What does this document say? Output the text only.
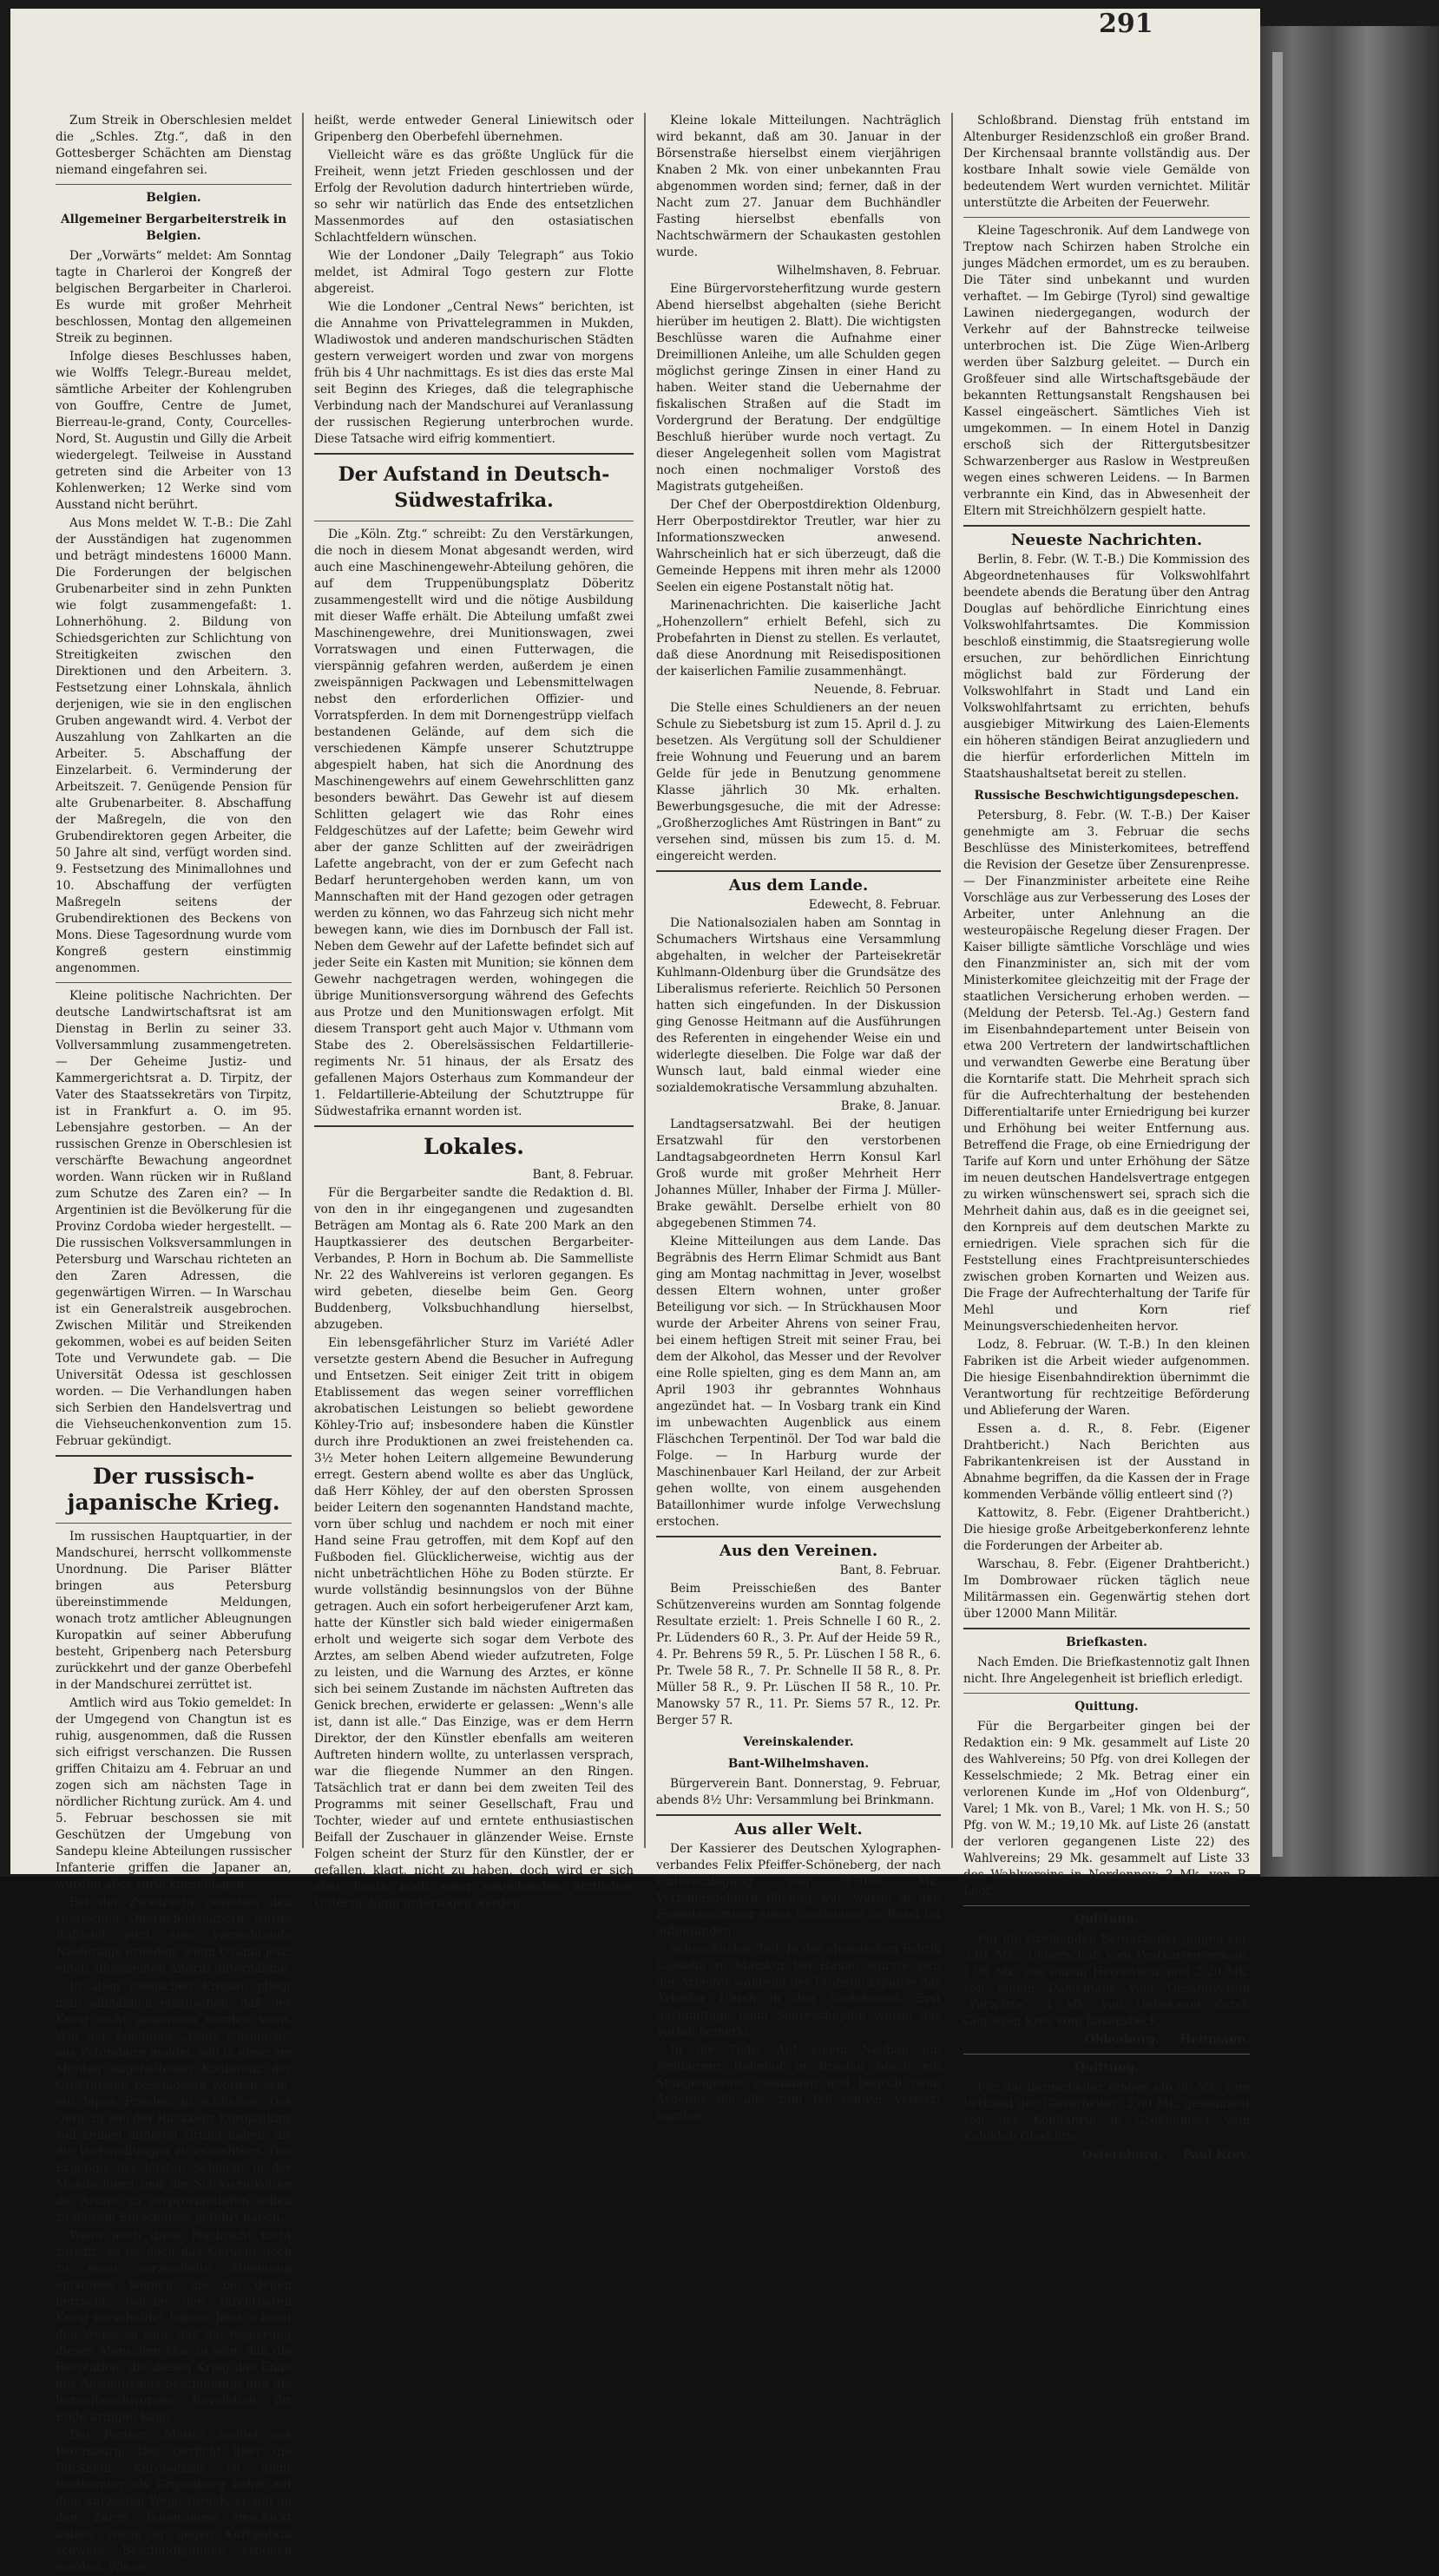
291

Zum Streik in Oberschlesien meldet die „Schles. Ztg.“, daß in den Gottesberger Schächten am Dienstag niemand eingefahren sei.

Belgien.
Allgemeiner Bergarbeiterstreik in Belgien.

Der „Vorwärts“ meldet: Am Sonntag tagte in Charleroi der Kongreß der belgischen Bergarbeiter in Charleroi. Es wurde mit großer Mehrheit beschlossen, Montag den allgemeinen Streik zu beginnen.

Infolge dieses Beschlusses haben, wie Wolffs Telegr.-Bureau meldet, sämtliche Arbeiter der Kohlengruben von Gouffre, Centre de Jumet, Bierreau-le-grand, Conty, Courcelles-Nord, St. Augustin und Gilly die Arbeit wiedergelegt. Teilweise in Ausstand getreten sind die Arbeiter von 13 Kohlenwerken; 12 Werke sind vom Ausstand nicht berührt.

Aus Mons meldet W. T.-B.: Die Zahl der Ausständigen hat zugenommen und beträgt mindestens 16000 Mann. Die Forderungen der belgischen Grubenarbeiter sind in zehn Punkten wie folgt zusammengefaßt: 1. Lohnerhöhung. 2. Bildung von Schiedsgerichten zur Schlichtung von Streitigkeiten zwischen den Direktionen und den Arbeitern. 3. Festsetzung einer Lohnskala, ähnlich derjenigen, wie sie in den englischen Gruben angewandt wird. 4. Verbot der Auszahlung von Zahlkarten an die Arbeiter. 5. Abschaffung der Einzelarbeit. 6. Verminderung der Arbeitszeit. 7. Genügende Pension für alte Grubenarbeiter. 8. Abschaffung der Maßregeln, die von den Grubendirektoren gegen Arbeiter, die 50 Jahre alt sind, verfügt worden sind. 9. Festsetzung des Minimallohnes und 10. Abschaffung der verfügten Maßregeln seitens der Grubendirektionen des Beckens von Mons. Diese Tagesordnung wurde vom Kongreß gestern einstimmig angenommen.

Kleine politische Nachrichten. Der deutsche Landwirtschaftsrat ist am Dienstag in Berlin zu seiner 33. Vollversammlung zusammengetreten. — Der Geheime Justiz- und Kammergerichtsrat a. D. Tirpitz, der Vater des Staatssekretärs von Tirpitz, ist in Frankfurt a. O. im 95. Lebensjahre gestorben. — An der russischen Grenze in Oberschlesien ist verschärfte Bewachung angeordnet worden. Wann rücken wir in Rußland zum Schutze des Zaren ein? — In Argentinien ist die Bevölkerung für die Provinz Cordoba wieder hergestellt. — Die russischen Volksversammlungen in Petersburg und Warschau richteten an den Zaren Adressen, die gegenwärtigen Wirren. — In Warschau ist ein Generalstreik ausgebrochen. Zwischen Militär und Streikenden gekommen, wobei es auf beiden Seiten Tote und Verwundete gab. — Die Universität Odessa ist geschlossen worden. — Die Verhandlungen haben sich Serbien den Handelsvertrag und die Viehseuchenkonvention zum 15. Februar gekündigt.

Der russisch-japanische Krieg.

Im russischen Hauptquartier, in der Mandschurei, herrscht vollkommenste Unordnung. Die Pariser Blätter bringen aus Petersburg übereinstimmende Meldungen, wonach trotz amtlicher Ableugnungen Kuropatkin auf seiner Abberufung besteht, Gripenberg nach Petersburg zurückkehrt und der ganze Oberbefehl in der Mandschurei zerrüttet ist.

Amtlich wird aus Tokio gemeldet: In der Umgegend von Changtun ist es ruhig, ausgenommen, daß die Russen sich eifrigst verschanzen. Die Russen griffen Chitaizu am 4. Februar an und zogen sich am nächsten Tage in nördlicher Richtung zurück. Am 4. und 5. Februar beschossen sie mit Geschützen der Umgebung von Sandepu kleine Abteilungen russischer Infanterie griffen die Japaner an, wurden aber zurückgeschlagen.

Bei der Zwietracht zwischen den russischen Oberbefehlshabern wurde Rußland jetzt eine vernichtende Niederlage erleiden, wenn Oyama jetzt einen allgemeinen Angriff unternähme.

In allen russischen Kreisen pflegt man allmählich einzusehen, daß der Krieg nicht gewonnen werden kann. Wie der Londoner „Daily Chronicle“ aus Petersburg meldet, soll in einer am Montag abgehaltenen Konferenz der Großfürsten beschlossen worden sein, mit Japan Frieden zu schließen. Das Gerücht von der Rückkehr Kuropatkins soll keinen anderen Grund haben, als die Verhandlungen zu erleichtern. Das Ergebnis der letzten Schlacht in der Mandschurei und die Schwierigkeiten die Armee zu verproviantieren sollen zu diesem Entschlusse geführt haben.

Wenn auch diese Nachricht nicht zutrifft, so ist doch das Gerücht doch zu einer verzweifelte Stimmung entstehen können, die bei denen herrscht, welche den furchtbaren Krieg verschuldet haben. Jetzt scheint den Weise zu sein, daß die Regierung diesen Menschen klar zu sein, daß die Revolution, die diesen Krieg das Ende des Absolutismus beschleunigt und die heraufbeschworene Revolution ihr Ende bringen kann.

Der Pariser „Matin“ meldet aus Petersburg: Das Gerücht über die Rückkehr Kuropatkins ist nicht bestimmter als Gripenberg kehrt auf dem kürzesten Wege zurück, er soll an den Zaren Telegramme geschickt haben, worin er gegen Kuropatkin schwere Beschuldigungen erhoben werden. Wie es

heißt, werde entweder General Liniewitsch oder Gripenberg den Oberbefehl übernehmen.

Vielleicht wäre es das größte Unglück für die Freiheit, wenn jetzt Frieden geschlossen und der Erfolg der Revolution dadurch hintertrieben würde, so sehr wir natürlich das Ende des entsetzlichen Massenmordes auf den ostasiatischen Schlachtfeldern wünschen.

Wie der Londoner „Daily Telegraph“ aus Tokio meldet, ist Admiral Togo gestern zur Flotte abgereist.

Wie die Londoner „Central News“ berichten, ist die Annahme von Privattelegrammen in Mukden, Wladiwostok und anderen mandschurischen Städten gestern verweigert worden und zwar von morgens früh bis 4 Uhr nachmittags. Es ist dies das erste Mal seit Beginn des Krieges, daß die telegraphische Verbindung nach der Mandschurei auf Veranlassung der russischen Regierung unterbrochen wurde. Diese Tatsache wird eifrig kommentiert.

Der Aufstand in Deutsch-Südwestafrika.

Die „Köln. Ztg.“ schreibt: Zu den Verstärkungen, die noch in diesem Monat abgesandt werden, wird auch eine Maschinengewehr-Abteilung gehören, die auf dem Truppenübungsplatz Döberitz zusammengestellt wird und die nötige Ausbildung mit dieser Waffe erhält. Die Abteilung umfaßt zwei Maschinengewehre, drei Munitionswagen, zwei Vorratswagen und einen Futterwagen, die vierspännig gefahren werden, außerdem je einen zweispännigen Packwagen und Lebensmittelwagen nebst den erforderlichen Offizier- und Vorratspferden. In dem mit Dornengestrüpp vielfach bestandenen Gelände, auf dem sich die verschiedenen Kämpfe unserer Schutztruppe abgespielt haben, hat sich die Anordnung des Maschinengewehrs auf einem Gewehrschlitten ganz besonders bewährt. Das Gewehr ist auf diesem Schlitten gelagert wie das Rohr eines Feldgeschützes auf der Lafette; beim Gewehr wird aber der ganze Schlitten auf der zweirädrigen Lafette angebracht, von der er zum Gefecht nach Bedarf heruntergehoben werden kann, um von Mannschaften mit der Hand gezogen oder getragen werden zu können, wo das Fahrzeug sich nicht mehr bewegen kann, wie dies im Dornbusch der Fall ist. Neben dem Gewehr auf der Lafette befindet sich auf jeder Seite ein Kasten mit Munition; sie können dem Gewehr nachgetragen werden, wohingegen die übrige Munitionsversorgung während des Gefechts aus Protze und den Munitionswagen erfolgt. Mit diesem Transport geht auch Major v. Uthmann vom Stabe des 2. Oberelsässischen Feldartillerie-regiments Nr. 51 hinaus, der als Ersatz des gefallenen Majors Osterhaus zum Kommandeur der 1. Feldartillerie-Abteilung der Schutztruppe für Südwestafrika ernannt worden ist.

Lokales.
Bant, 8. Februar.

Für die Bergarbeiter sandte die Redaktion d. Bl. von den in ihr eingegangenen und zugesandten Beträgen am Montag als 6. Rate 200 Mark an den Hauptkassierer des deutschen Bergarbeiter-Verbandes, P. Horn in Bochum ab. Die Sammelliste Nr. 22 des Wahlvereins ist verloren gegangen. Es wird gebeten, dieselbe beim Gen. Georg Buddenberg, Volksbuchhandlung hierselbst, abzugeben.

Ein lebensgefährlicher Sturz im Variété Adler versetzte gestern Abend die Besucher in Aufregung und Entsetzen. Seit einiger Zeit tritt in obigem Etablissement das wegen seiner vorrefflichen akrobatischen Leistungen so beliebt gewordene Köhley-Trio auf; insbesondere haben die Künstler durch ihre Produktionen an zwei freistehenden ca. 3½ Meter hohen Leitern allgemeine Bewunderung erregt. Gestern abend wollte es aber das Unglück, daß Herr Köhley, der auf den obersten Sprossen beider Leitern den sogenannten Handstand machte, vorn über schlug und nachdem er noch mit einer Hand seine Frau getroffen, mit dem Kopf auf den Fußboden fiel. Glücklicherweise, wichtig aus der nicht unbeträchtlichen Höhe zu Boden stürzte. Er wurde vollständig besinnungslos von der Bühne getragen. Auch ein sofort herbeigerufener Arzt kam, hatte der Künstler sich bald wieder einigermaßen erholt und weigerte sich sogar dem Verbote des Arztes, am selben Abend wieder aufzutreten, Folge zu leisten, und die Warnung des Arztes, er könne sich bei seinem Zustande im nächsten Auftreten das Genick brechen, erwiderte er gelassen: „Wenn's alle ist, dann ist alle.“ Das Einzige, was er dem Herrn Direktor, der den Künstler ebenfalls am weiteren Auftreten hindern wollte, zu unterlassen versprach, war die fliegende Nummer an den Ringen. Tatsächlich trat er dann bei dem zweiten Teil des Programms mit seiner Gesellschaft, Frau und Tochter, wieder auf und erntete enthusiastischen Beifall der Zuschauer in glänzender Weise. Ernste Folgen scheint der Sturz für den Künstler, der er gefallen, klagt, nicht zu haben, doch wird er sich aber heute noch einer eingehenden ärztlichen Untersuchung unterzogen werden.

Kleine lokale Mitteilungen. Nachträglich wird bekannt, daß am 30. Januar in der Börsenstraße hierselbst einem vierjährigen Knaben 2 Mk. von einer unbekannten Frau abgenommen worden sind; ferner, daß in der Nacht zum 27. Januar dem Buchhändler Fasting hierselbst ebenfalls von Nachtschwärmern der Schaukasten gestohlen wurde.

Wilhelmshaven, 8. Februar.

Eine Bürgervorsteherfitzung wurde gestern Abend hierselbst abgehalten (siehe Bericht hierüber im heutigen 2. Blatt). Die wichtigsten Beschlüsse waren die Aufnahme einer Dreimillionen Anleihe, um alle Schulden gegen möglichst geringe Zinsen in einer Hand zu haben. Weiter stand die Uebernahme der fiskalischen Straßen auf die Stadt im Vordergrund der Beratung. Der endgültige Beschluß hierüber wurde noch vertagt. Zu dieser Angelegenheit sollen vom Magistrat noch einen nochmaliger Vorstoß des Magistrats gutgeheißen.

Der Chef der Oberpostdirektion Oldenburg, Herr Oberpostdirektor Treutler, war hier zu Informationszwecken anwesend. Wahrscheinlich hat er sich überzeugt, daß die Gemeinde Heppens mit ihren mehr als 12000 Seelen ein eigene Postanstalt nötig hat.

Marinenachrichten. Die kaiserliche Jacht „Hohenzollern“ erhielt Befehl, sich zu Probefahrten in Dienst zu stellen. Es verlautet, daß diese Anordnung mit Reisedispositionen der kaiserlichen Familie zusammenhängt.

Neuende, 8. Februar.

Die Stelle eines Schuldieners an der neuen Schule zu Siebetsburg ist zum 15. April d. J. zu besetzen. Als Vergütung soll der Schuldiener freie Wohnung und Feuerung und an barem Gelde für jede in Benutzung genommene Klasse jährlich 30 Mk. erhalten. Bewerbungsgesuche, die mit der Adresse: „Großherzogliches Amt Rüstringen in Bant“ zu versehen sind, müssen bis zum 15. d. M. eingereicht werden.

Aus dem Lande.
Edewecht, 8. Februar.

Die Nationalsozialen haben am Sonntag in Schumachers Wirtshaus eine Versammlung abgehalten, in welcher der Parteisekretär Kuhlmann-Oldenburg über die Grundsätze des Liberalismus referierte. Reichlich 50 Personen hatten sich eingefunden. In der Diskussion ging Genosse Heitmann auf die Ausführungen des Referenten in eingehender Weise ein und widerlegte dieselben. Die Folge war daß der Wunsch laut, bald einmal wieder eine sozialdemokratische Versammlung abzuhalten.

Brake, 8. Januar.

Landtagsersatzwahl. Bei der heutigen Ersatzwahl für den verstorbenen Landtagsabgeordneten Herrn Konsul Karl Groß wurde mit großer Mehrheit Herr Johannes Müller, Inhaber der Firma J. Müller-Brake gewählt. Derselbe erhielt von 80 abgegebenen Stimmen 74.

Kleine Mitteilungen aus dem Lande. Das Begräbnis des Herrn Elimar Schmidt aus Bant ging am Montag nachmittag in Jever, woselbst dessen Eltern wohnen, unter großer Beteiligung vor sich. — In Strückhausen Moor wurde der Arbeiter Ahrens von seiner Frau, bei einem heftigen Streit mit seiner Frau, bei dem der Alkohol, das Messer und der Revolver eine Rolle spielten, ging es dem Mann an, am April 1903 ihr gebranntes Wohnhaus angezündet hat. — In Vosbarg trank ein Kind im unbewachten Augenblick aus einem Fläschchen Terpentinöl. Der Tod war bald die Folge. — In Harburg wurde der Maschinenbauer Karl Heiland, der zur Arbeit gehen wollte, von einem ausgehenden Bataillonhimer wurde infolge Verwechslung erstochen.

Aus den Vereinen.
Bant, 8. Februar.

Beim Preisschießen des Banter Schützenvereins wurden am Sonntag folgende Resultate erzielt: 1. Preis Schnelle I 60 R., 2. Pr. Lüdenders 60 R., 3. Pr. Auf der Heide 59 R., 4. Pr. Behrens 59 R., 5. Pr. Lüschen I 58 R., 6. Pr. Twele 58 R., 7. Pr. Schnelle II 58 R., 8. Pr. Müller 58 R., 9. Pr. Lüschen II 58 R., 10. Pr. Manowsky 57 R., 11. Pr. Siems 57 R., 12. Pr. Berger 57 R.

Vereinskalender.
Bant-Wilhelmshaven.

Bürgerverein Bant. Donnerstag, 9. Februar, abends 8½ Uhr: Versammlung bei Brinkmann.

Aus aller Welt.

Der Kassierer des Deutschen Xylographen-verbandes Felix Pfeiffer-Schöneberg, der nach Unterschlagung von 15000 Mk. Verbandsgeldern flüchtig war, wurde in den Fremdenzimmer eines Gasthauses zu Basel tot aufgefunden.

Schrecklicher Tod. In der chemischen Fabrik Cassella zu Mainkur bei Hanau stürzte sich der Arbeiter während der Frühstückspause der Arbeiter Ulrich in den Siedekessel. Erst nachmittags beim Säureschöpfen wurde der Vorfall bemerkt.

In die Tiefe. Auf einem Neubau am Freiburger Bahnhof in Breslau brach ein Stangengerüst zusammen und begrub neun Arbeiter, die alle, zum Teil schwer, verletzt wurden.

Schloßbrand. Dienstag früh entstand im Altenburger Residenzschloß ein großer Brand. Der Kirchensaal brannte vollständig aus. Der kostbare Inhalt sowie viele Gemälde von bedeutendem Wert wurden vernichtet. Militär unterstützte die Arbeiten der Feuerwehr.

Kleine Tageschronik. Auf dem Landwege von Treptow nach Schirzen haben Strolche ein junges Mädchen ermordet, um es zu berauben. Die Täter sind unbekannt und wurden verhaftet. — Im Gebirge (Tyrol) sind gewaltige Lawinen niedergegangen, wodurch der Verkehr auf der Bahnstrecke teilweise unterbrochen ist. Die Züge Wien-Arlberg werden über Salzburg geleitet. — Durch ein Großfeuer sind alle Wirtschaftsgebäude der bekannten Rettungsanstalt Rengshausen bei Kassel eingeäschert. Sämtliches Vieh ist umgekommen. — In einem Hotel in Danzig erschoß sich der Rittergutsbesitzer Schwarzenberger aus Raslow in Westpreußen wegen eines schweren Leidens. — In Barmen verbrannte ein Kind, das in Abwesenheit der Eltern mit Streichhölzern gespielt hatte.

Neueste Nachrichten.

Berlin, 8. Febr. (W. T.-B.) Die Kommission des Abgeordnetenhauses für Volkswohlfahrt beendete abends die Beratung über den Antrag Douglas auf behördliche Einrichtung eines Volkswohlfahrtsamtes. Die Kommission beschloß einstimmig, die Staatsregierung wolle ersuchen, zur behördlichen Einrichtung möglichst bald zur Förderung der Volkswohlfahrt in Stadt und Land ein Volkswohlfahrtsamt zu errichten, behufs ausgiebiger Mitwirkung des Laien-Elements ein höheren ständigen Beirat anzugliedern und die hierfür erforderlichen Mitteln im Staatshaushaltsetat bereit zu stellen.

Russische Beschwichtigungsdepeschen.

Petersburg, 8. Febr. (W. T.-B.) Der Kaiser genehmigte am 3. Februar die sechs Beschlüsse des Ministerkomitees, betreffend die Revision der Gesetze über Zensurenpresse. — Der Finanzminister arbeitete eine Reihe Vorschläge aus zur Verbesserung des Loses der Arbeiter, unter Anlehnung an die westeuropäische Regelung dieser Fragen. Der Kaiser billigte sämtliche Vorschläge und wies den Finanzminister an, sich mit der vom Ministerkomitee gleichzeitig mit der Frage der staatlichen Versicherung erhoben werden. — (Meldung der Petersb. Tel.-Ag.) Gestern fand im Eisenbahndepartement unter Beisein von etwa 200 Vertretern der landwirtschaftlichen und verwandten Gewerbe eine Beratung über die Korntarife statt. Die Mehrheit sprach sich für die Aufrechterhaltung der bestehenden Differentialtarife unter Erniedrigung bei kurzer und Erhöhung bei weiter Entfernung aus. Betreffend die Frage, ob eine Erniedrigung der Tarife auf Korn und unter Erhöhung der Sätze im neuen deutschen Handelsvertrage entgegen zu wirken wünschenswert sei, sprach sich die Mehrheit dahin aus, daß es in die geeignet sei, den Kornpreis auf dem deutschen Markte zu erniedrigen. Viele sprachen sich für die Feststellung eines Frachtpreisunterschiedes zwischen groben Kornarten und Weizen aus. Die Frage der Aufrechterhaltung der Tarife für Mehl und Korn rief Meinungsverschiedenheiten hervor.

Lodz, 8. Februar. (W. T.-B.) In den kleinen Fabriken ist die Arbeit wieder aufgenommen. Die hiesige Eisenbahndirektion übernimmt die Verantwortung für rechtzeitige Beförderung und Ablieferung der Waren.

Essen a. d. R., 8. Febr. (Eigener Drahtbericht.) Nach Berichten aus Fabrikantenkreisen ist der Ausstand in Abnahme begriffen, da die Kassen der in Frage kommenden Verbände völlig entleert sind (?)

Kattowitz, 8. Febr. (Eigener Drahtbericht.) Die hiesige große Arbeitgeberkonferenz lehnte die Forderungen der Arbeiter ab.

Warschau, 8. Febr. (Eigener Drahtbericht.) Im Dombrowaer rücken täglich neue Militärmassen ein. Gegenwärtig stehen dort über 12000 Mann Militär.

Briefkasten.

Nach Emden. Die Briefkastennotiz galt Ihnen nicht. Ihre Angelegenheit ist brieflich erledigt.

Quittung.

Für die Bergarbeiter gingen bei der Redaktion ein: 9 Mk. gesammelt auf Liste 20 des Wahlvereins; 50 Pfg. von drei Kollegen der Kesselschmiede; 2 Mk. Betrag einer ein verlorenen Kunde im „Hof von Oldenburg“, Varel; 1 Mk. von B., Varel; 1 Mk. von H. S.; 50 Pfg. von W. M.; 19,10 Mk. auf Liste 26 (anstatt der verloren gegangenen Liste 22) des Wahlvereins; 29 Mk. gesammelt auf Liste 33 des Wahlvereins in Nordenney; 3 Mk. von B. Loof.

Quittung.

Für die streikenden Bergarbeiter gingen ein: 3,61 Mk., Ueberschuß vom Postkartenverkauf, 1,90 Mk. von einem Herrentanz und 2,20 Mk. von einem Damentanz vom Gesangverein „Vorwärts“; 1 Mk. von Unbekannt durch Genossen Krey vom Ravensbeck.

Oldenburg. Heitmann.
Quittung.

Für die Bergarbeiter gingen ein 50 Mk. vom Verband der Glasarbeiter; 5,60 Mk. gesammelt von der Kohlfahrte in Großenmeer vom Kohlklub Glashütte.

Osternburg. Paul Krey.
